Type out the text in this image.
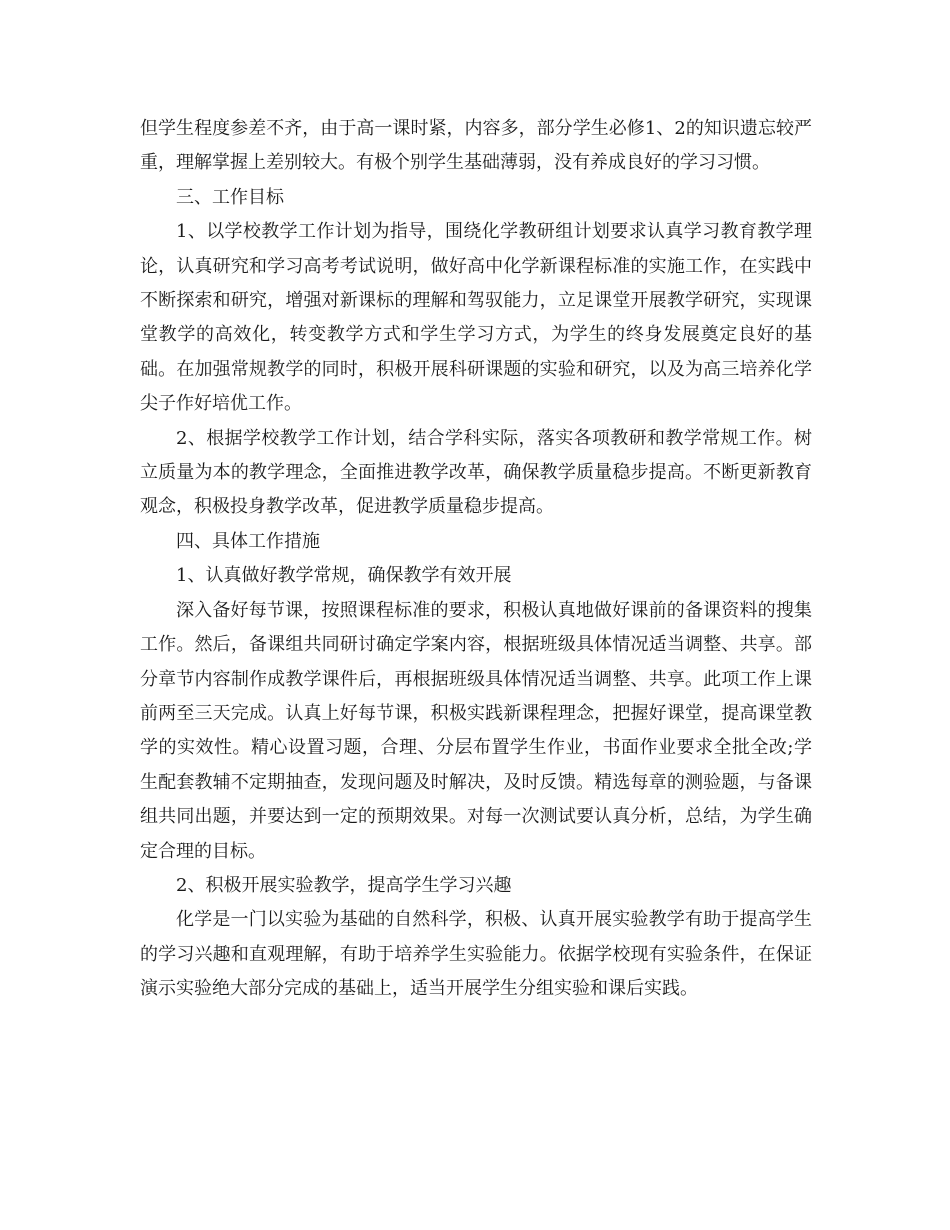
但学生程度参差不齐，由于高一课时紧，内容多，部分学生必修1、2的知识遗忘较严重，理解掌握上差别较大。有极个别学生基础薄弱，没有养成良好的学习习惯。

三、工作目标

1、以学校教学工作计划为指导，围绕化学教研组计划要求认真学习教育教学理论，认真研究和学习高考考试说明，做好高中化学新课程标准的实施工作，在实践中不断探索和研究，增强对新课标的理解和驾驭能力，立足课堂开展教学研究，实现课堂教学的高效化，转变教学方式和学生学习方式，为学生的终身发展奠定良好的基础。在加强常规教学的同时，积极开展科研课题的实验和研究，以及为高三培养化学尖子作好培优工作。

2、根据学校教学工作计划，结合学科实际，落实各项教研和教学常规工作。树立质量为本的教学理念，全面推进教学改革，确保教学质量稳步提高。不断更新教育观念，积极投身教学改革，促进教学质量稳步提高。

四、具体工作措施

1、认真做好教学常规，确保教学有效开展

深入备好每节课，按照课程标准的要求，积极认真地做好课前的备课资料的搜集工作。然后，备课组共同研讨确定学案内容，根据班级具体情况适当调整、共享。部分章节内容制作成教学课件后，再根据班级具体情况适当调整、共享。此项工作上课前两至三天完成。认真上好每节课，积极实践新课程理念，把握好课堂，提高课堂教学的实效性。精心设置习题，合理、分层布置学生作业，书面作业要求全批全改;学生配套教辅不定期抽查，发现问题及时解决，及时反馈。精选每章的测验题，与备课组共同出题，并要达到一定的预期效果。对每一次测试要认真分析，总结，为学生确定合理的目标。

2、积极开展实验教学，提高学生学习兴趣

化学是一门以实验为基础的自然科学，积极、认真开展实验教学有助于提高学生的学习兴趣和直观理解，有助于培养学生实验能力。依据学校现有实验条件，在保证演示实验绝大部分完成的基础上，适当开展学生分组实验和课后实践。
